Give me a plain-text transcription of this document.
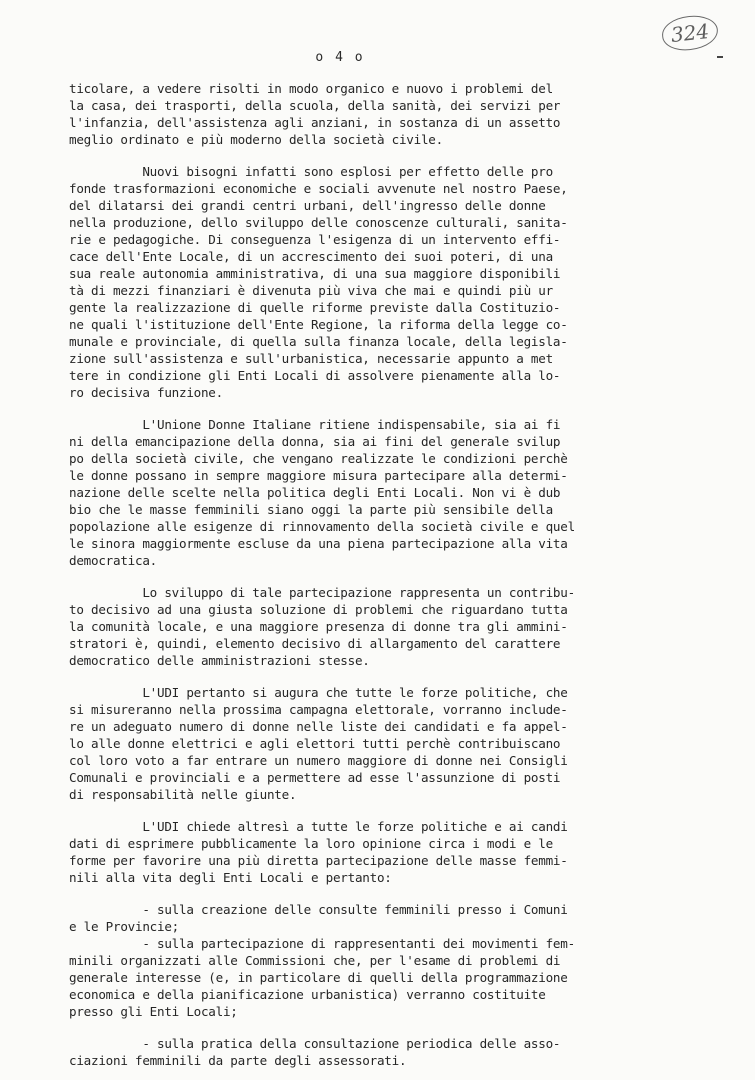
324
o 4 o
ticolare, a vedere risolti in modo organico e nuovo i problemi del
la casa, dei trasporti, della scuola, della sanità, dei servizi per
l'infanzia, dell'assistenza agli anziani, in sostanza di un assetto
meglio ordinato e più moderno della società civile.
Nuovi bisogni infatti sono esplosi per effetto delle pro
fonde trasformazioni economiche e sociali avvenute nel nostro Paese,
del dilatarsi dei grandi centri urbani, dell'ingresso delle donne
nella produzione, dello sviluppo delle conoscenze culturali, sanita-
rie e pedagogiche. Di conseguenza l'esigenza di un intervento effi-
cace dell'Ente Locale, di un accrescimento dei suoi poteri, di una
sua reale autonomia amministrativa, di una sua maggiore disponibili
tà di mezzi finanziari è divenuta più viva che mai e quindi più ur
gente la realizzazione di quelle riforme previste dalla Costituzio-
ne quali l'istituzione dell'Ente Regione, la riforma della legge co-
munale e provinciale, di quella sulla finanza locale, della legisla-
zione sull'assistenza e sull'urbanistica, necessarie appunto a met
tere in condizione gli Enti Locali di assolvere pienamente alla lo-
ro decisiva funzione.
L'Unione Donne Italiane ritiene indispensabile, sia ai fi
ni della emancipazione della donna, sia ai fini del generale svilup
po della società civile, che vengano realizzate le condizioni perchè
le donne possano in sempre maggiore misura partecipare alla determi-
nazione delle scelte nella politica degli Enti Locali. Non vi è dub
bio che le masse femminili siano oggi la parte più sensibile della
popolazione alle esigenze di rinnovamento della società civile e quel
le sinora maggiormente escluse da una piena partecipazione alla vita
democratica.
Lo sviluppo di tale partecipazione rappresenta un contribu-
to decisivo ad una giusta soluzione di problemi che riguardano tutta
la comunità locale, e una maggiore presenza di donne tra gli ammini-
stratori è, quindi, elemento decisivo di allargamento del carattere
democratico delle amministrazioni stesse.
L'UDI pertanto si augura che tutte le forze politiche, che
si misureranno nella prossima campagna elettorale, vorranno include-
re un adeguato numero di donne nelle liste dei candidati e fa appel-
lo alle donne elettrici e agli elettori tutti perchè contribuiscano
col loro voto a far entrare un numero maggiore di donne nei Consigli
Comunali e provinciali e a permettere ad esse l'assunzione di posti
di responsabilità nelle giunte.
L'UDI chiede altresì a tutte le forze politiche e ai candi
dati di esprimere pubblicamente la loro opinione circa i modi e le
forme per favorire una più diretta partecipazione delle masse femmi-
nili alla vita degli Enti Locali e pertanto:
- sulla creazione delle consulte femminili presso i Comuni
e le Provincie;
- sulla partecipazione di rappresentanti dei movimenti fem-
minili organizzati alle Commissioni che, per l'esame di problemi di
generale interesse (e, in particolare di quelli della programmazione
economica e della pianificazione urbanistica) verranno costituite
presso gli Enti Locali;
- sulla pratica della consultazione periodica delle asso-
ciazioni femminili da parte degli assessorati.
